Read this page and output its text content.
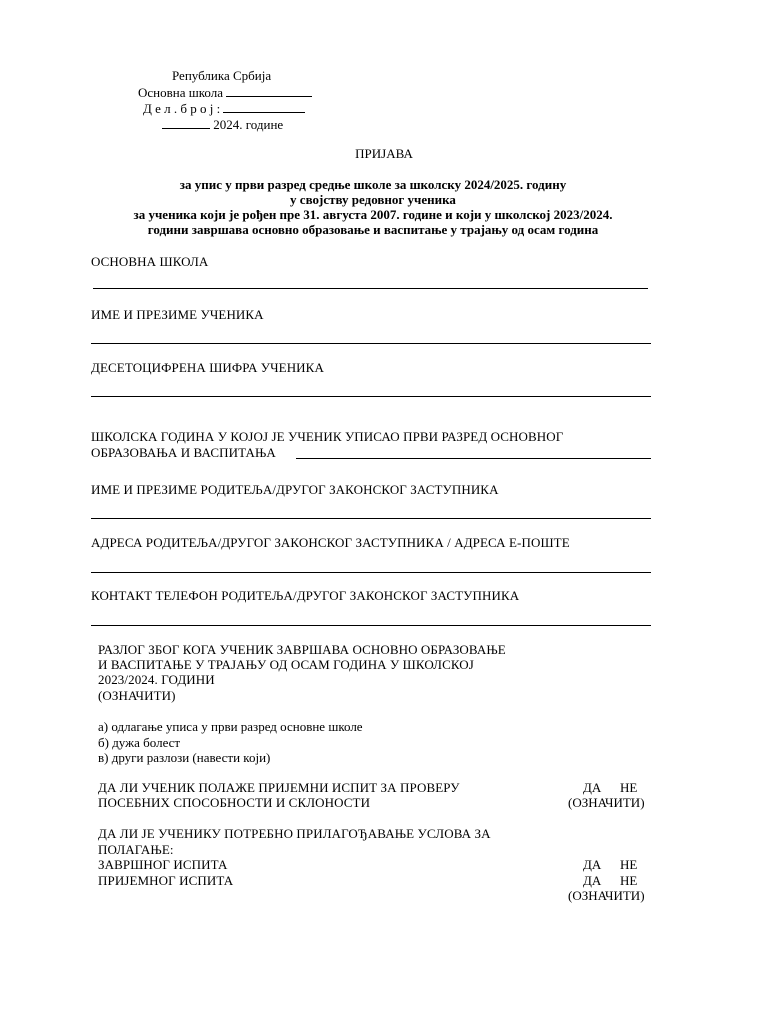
Република Србија
Основна школа
Д е л . б р о ј :
2024. године
ПРИЈАВА
за упис у први разред средње школе за школску 2024/2025. годину
у својству редовног ученика
за ученика који је рођен пре 31. августа 2007. године и који у школској 2023/2024.
години завршава основно образовање и васпитање у трајању од осам година
ОСНОВНА ШКОЛА
ИМЕ И ПРЕЗИМЕ УЧЕНИКА
ДЕСЕТОЦИФРЕНА ШИФРА УЧЕНИКА
ШКОЛСКА ГОДИНА У КОЈОЈ ЈЕ УЧЕНИК УПИСАО ПРВИ РАЗРЕД ОСНОВНОГ
ОБРАЗОВАЊА И ВАСПИТАЊА
ИМЕ И ПРЕЗИМЕ РОДИТЕЉА/ДРУГОГ ЗАКОНСКОГ ЗАСТУПНИКА
АДРЕСА РОДИТЕЉА/ДРУГОГ ЗАКОНСКОГ ЗАСТУПНИКА / АДРЕСА Е-ПОШТЕ
КОНТАКТ ТЕЛЕФОН РОДИТЕЉА/ДРУГОГ ЗАКОНСКОГ ЗАСТУПНИКА
РАЗЛОГ ЗБОГ КОГА УЧЕНИК ЗАВРШАВА ОСНОВНО ОБРАЗОВАЊЕ
И ВАСПИТАЊЕ У ТРАЈАЊУ ОД ОСАМ ГОДИНА У ШКОЛСКОЈ
2023/2024. ГОДИНИ
(ОЗНАЧИТИ)
а) одлагање уписа у први разред основне школе
б) дужа болест
в) други разлози (навести који)
ДА ЛИ УЧЕНИК ПОЛАЖЕ ПРИЈЕМНИ ИСПИТ ЗА ПРОВЕРУ
ПОСЕБНИХ СПОСОБНОСТИ И СКЛОНОСТИ
ДА НЕ
(ОЗНАЧИТИ)
ДА ЛИ ЈЕ УЧЕНИКУ ПОТРЕБНО ПРИЛАГОЂАВАЊЕ УСЛОВА ЗА
ПОЛАГАЊЕ:
ЗАВРШНОГ ИСПИТА
ПРИЈЕМНОГ ИСПИТА
ДА НЕ
ДА НЕ
(ОЗНАЧИТИ)
